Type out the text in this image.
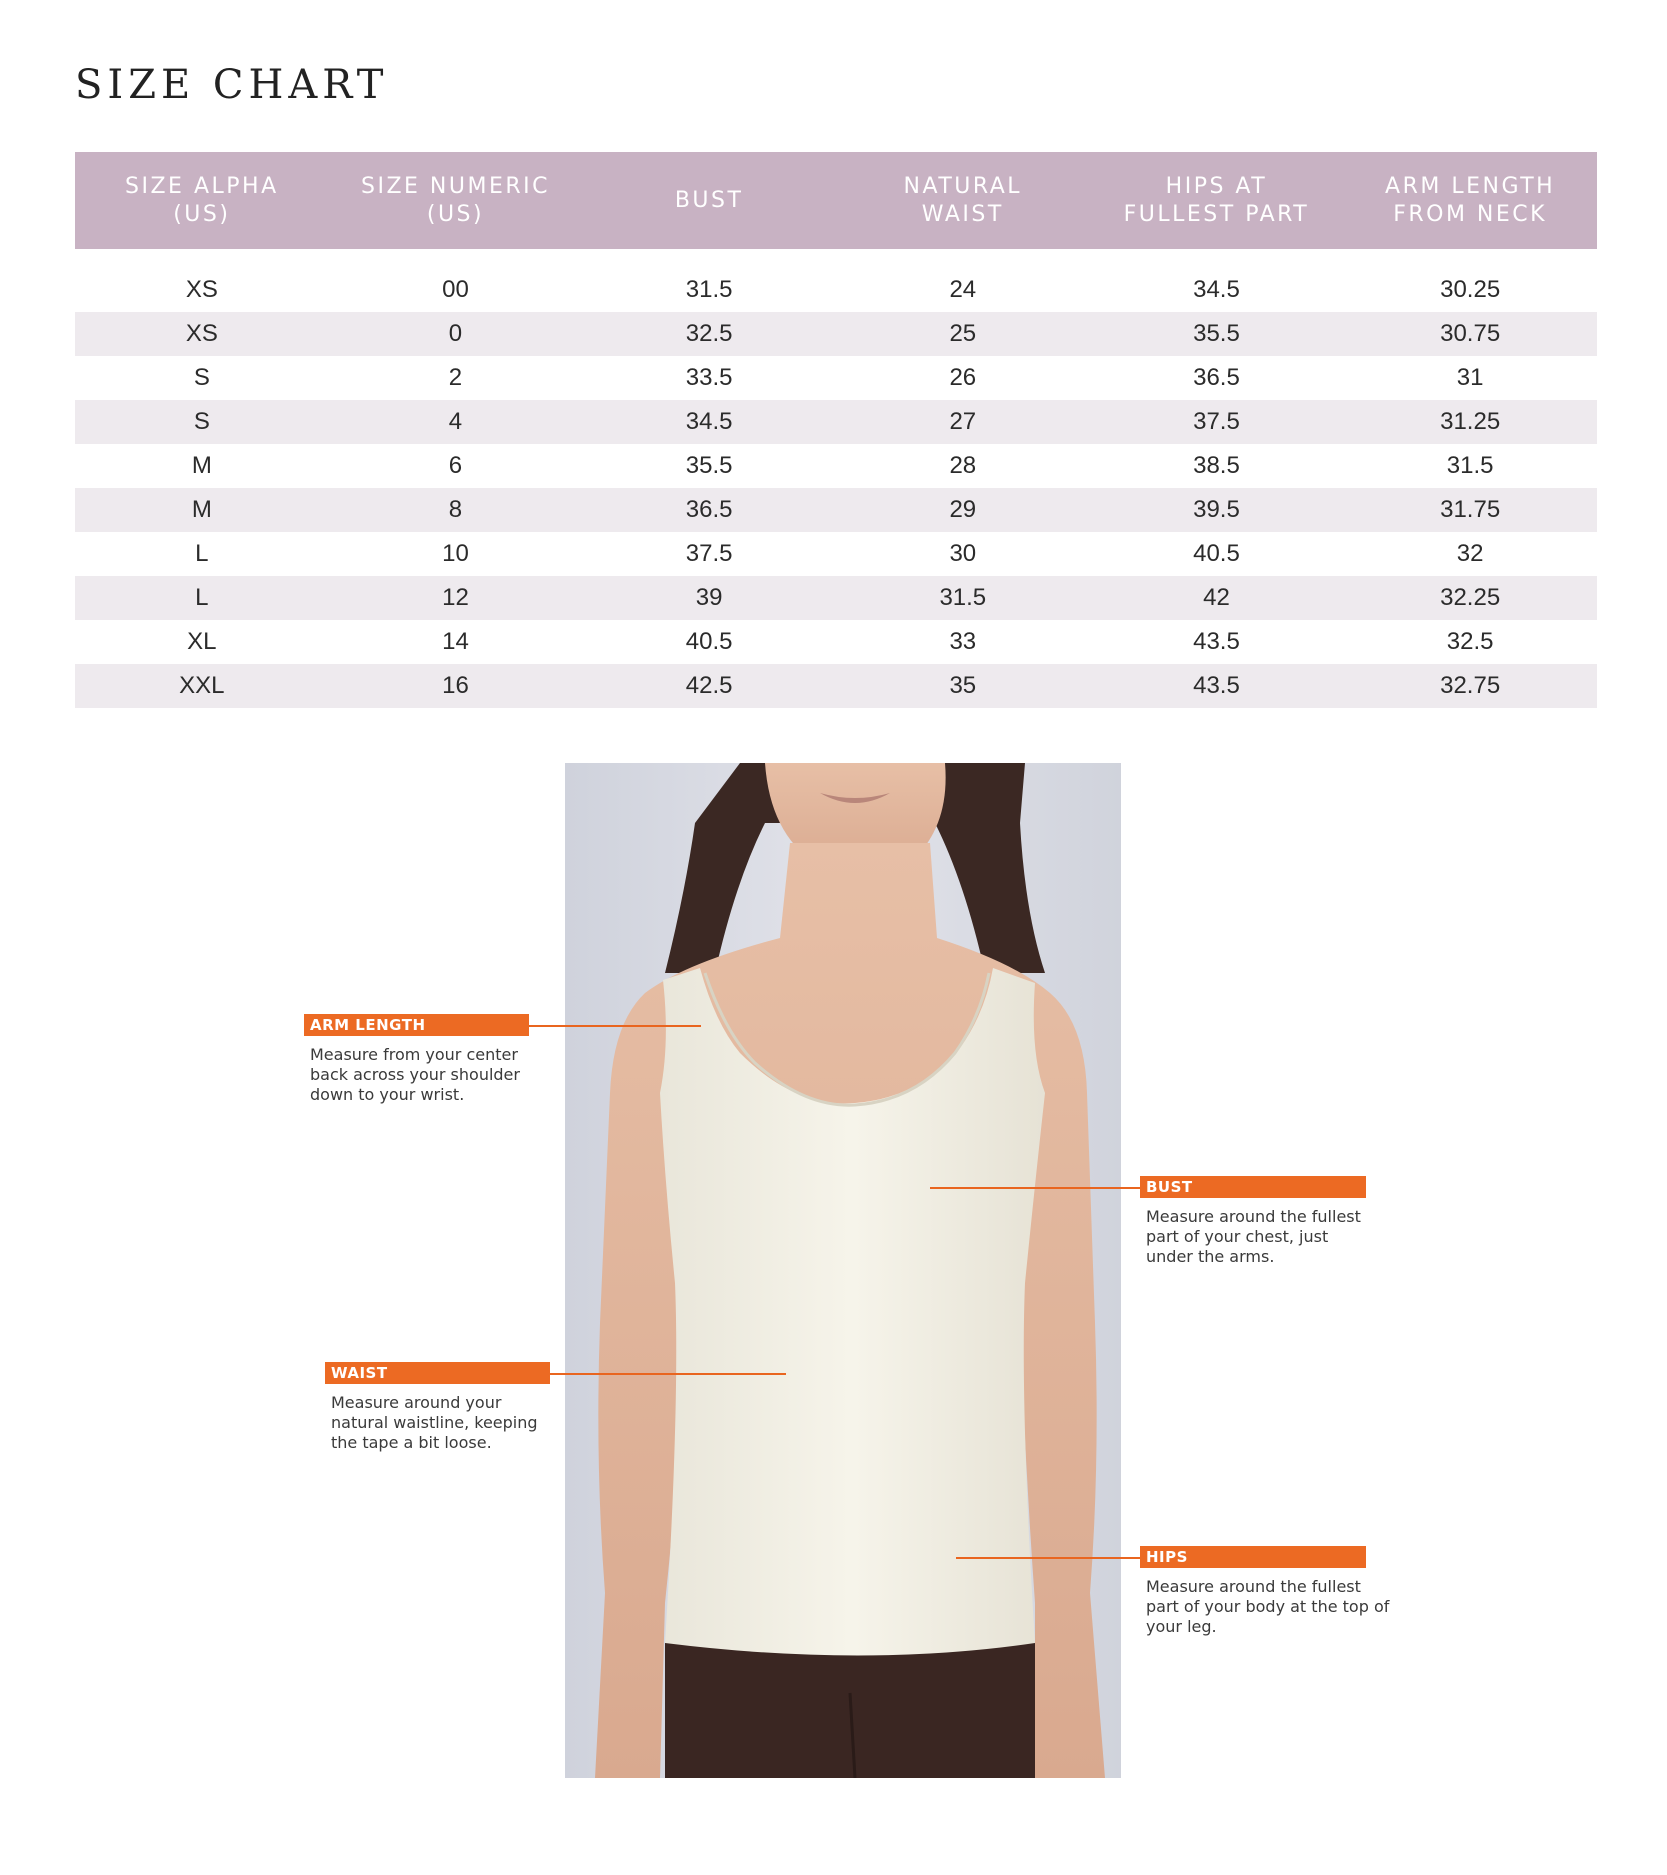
SIZE CHART
SIZE ALPHA (US)	SIZE NUMERIC (US)	BUST	NATURAL WAIST	HIPS AT FULLEST PART	ARM LENGTH FROM NECK

XS	00	31.5	24	34.5	30.25
XS	0	32.5	25	35.5	30.75
S	2	33.5	26	36.5	31
S	4	34.5	27	37.5	31.25
M	6	35.5	28	38.5	31.5
M	8	36.5	29	39.5	31.75
L	10	37.5	30	40.5	32
L	12	39	31.5	42	32.25
XL	14	40.5	33	43.5	32.5
XXL	16	42.5	35	43.5	32.75
ARM LENGTH
Measure from your center back across your shoulder down to your wrist.
BUST
Measure around the fullest part of your chest, just under the arms.
WAIST
Measure around your natural waistline, keeping the tape a bit loose.
HIPS
Measure around the fullest part of your body at the top of your leg.
